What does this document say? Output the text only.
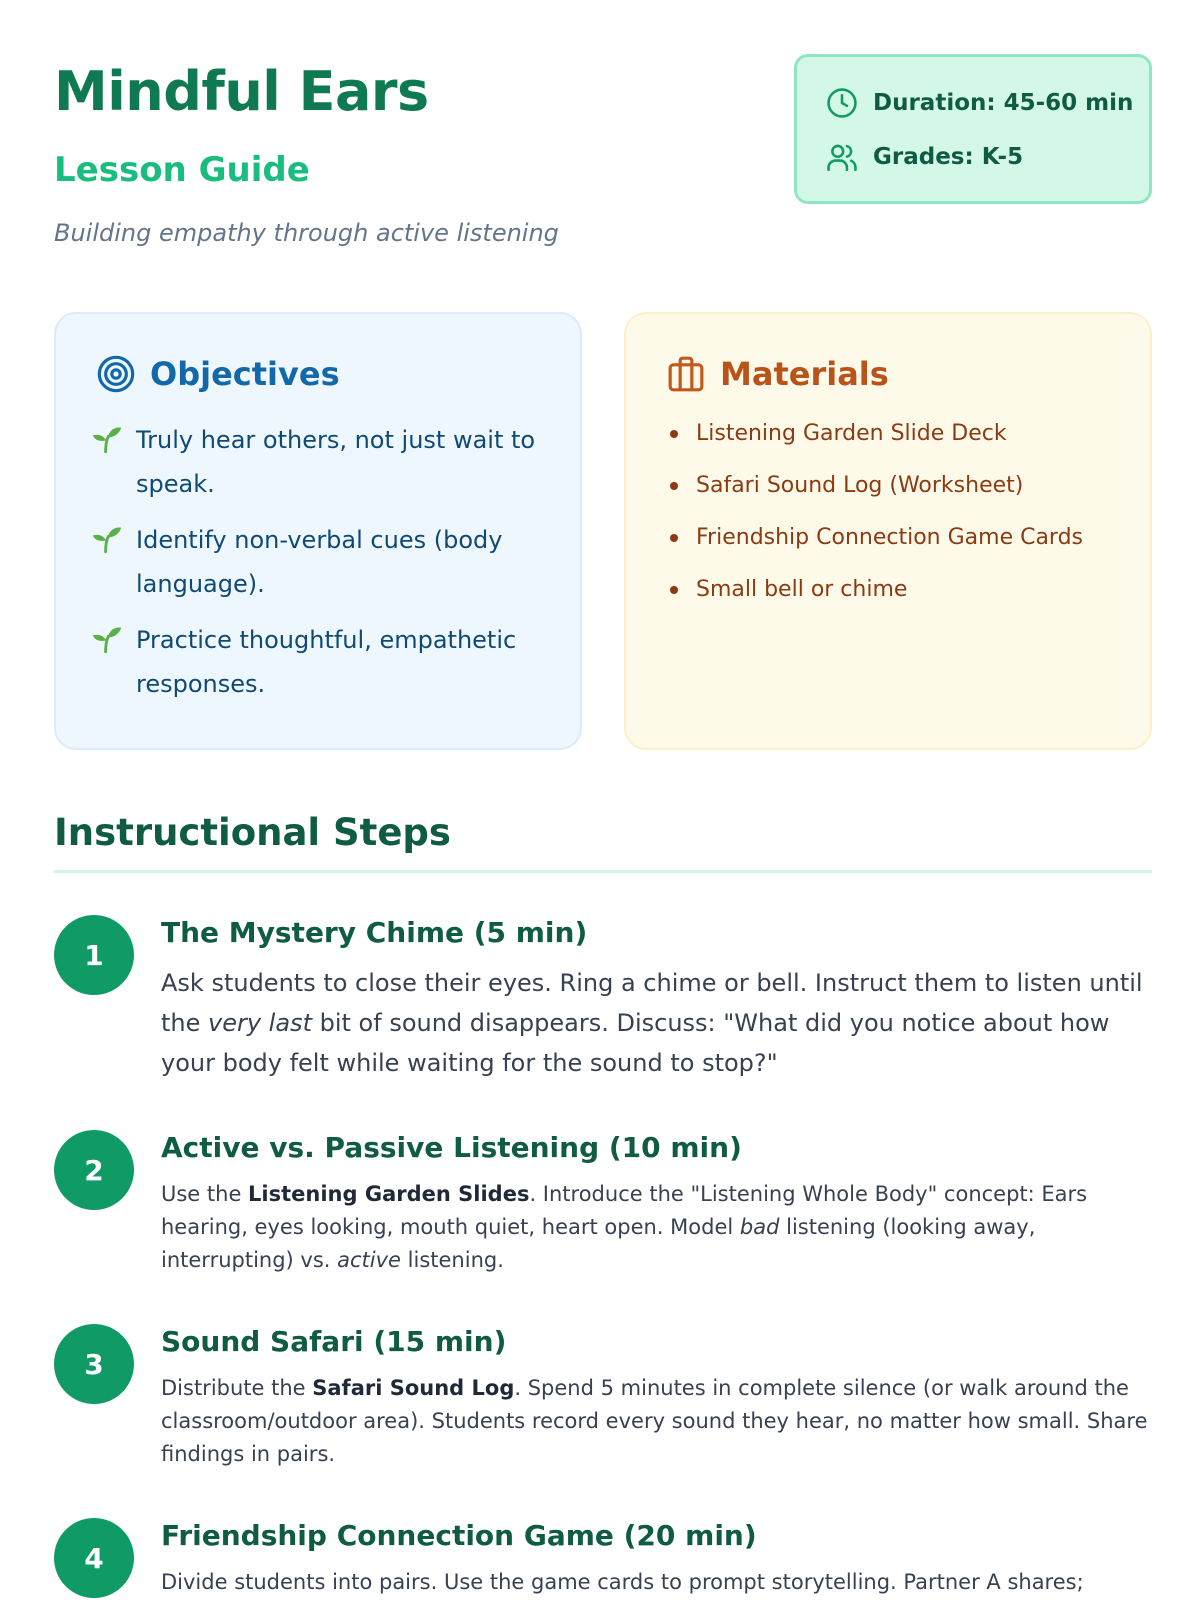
Mindful Ears
Lesson Guide

Building empathy through active listening

Duration: 45-60 min
Grades: K-5
Objectives
Truly hear others, not just wait to speak.
Identify non-verbal cues (body language).
Practice thoughtful, empathetic responses.
Materials
Listening Garden Slide Deck
Safari Sound Log (Worksheet)
Friendship Connection Game Cards
Small bell or chime
Instructional Steps
1
The Mystery Chime (5 min)

Ask students to close their eyes. Ring a chime or bell. Instruct them to listen until the very last bit of sound disappears. Discuss: "What did you notice about how your body felt while waiting for the sound to stop?"

2
Active vs. Passive Listening (10 min)

Use the Listening Garden Slides. Introduce the "Listening Whole Body" concept: Ears hearing, eyes looking, mouth quiet, heart open. Model bad listening (looking away, interrupting) vs. active listening.

3
Sound Safari (15 min)

Distribute the Safari Sound Log. Spend 5 minutes in complete silence (or walk around the classroom/outdoor area). Students record every sound they hear, no matter how small. Share findings in pairs.

4
Friendship Connection Game (20 min)

Divide students into pairs. Use the game cards to prompt storytelling. Partner A shares;
